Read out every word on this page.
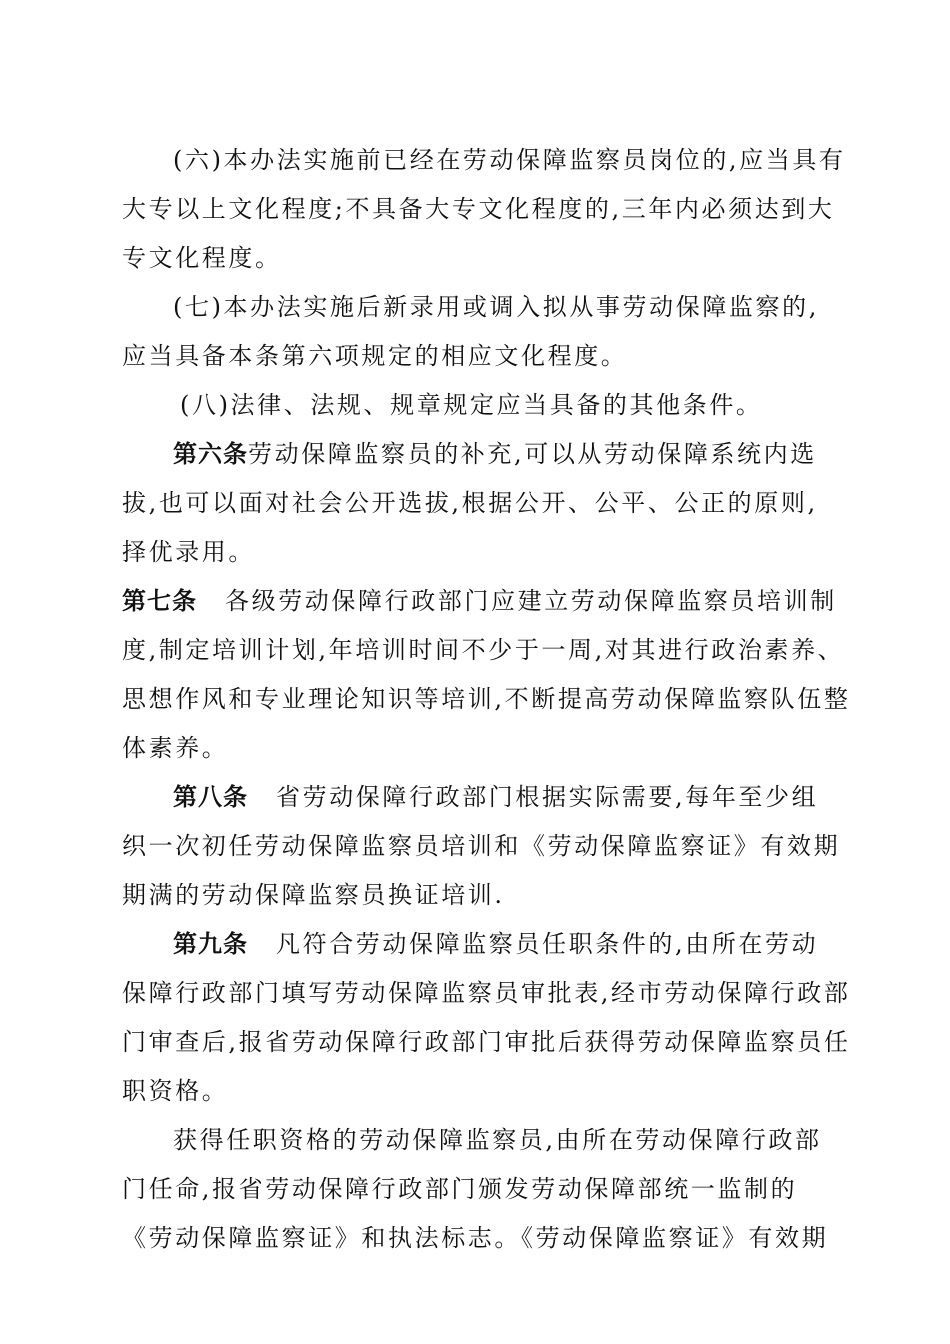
(六)本办法实施前已经在劳动保障监察员岗位的,应当具有
大专以上文化程度;不具备大专文化程度的,三年内必须达到大
专文化程度。
(七)本办法实施后新录用或调入拟从事劳动保障监察的,
应当具备本条第六项规定的相应文化程度。
(八)法律、法规、规章规定应当具备的其他条件。
第六条劳动保障监察员的补充,可以从劳动保障系统内选
拔,也可以面对社会公开选拔,根据公开、公平、公正的原则,
择优录用。
第七条 各级劳动保障行政部门应建立劳动保障监察员培训制
度,制定培训计划,年培训时间不少于一周,对其进行政治素养、
思想作风和专业理论知识等培训,不断提高劳动保障监察队伍整
体素养。
第八条 省劳动保障行政部门根据实际需要,每年至少组
织一次初任劳动保障监察员培训和《劳动保障监察证》有效期
期满的劳动保障监察员换证培训.
第九条 凡符合劳动保障监察员任职条件的,由所在劳动
保障行政部门填写劳动保障监察员审批表,经市劳动保障行政部
门审查后,报省劳动保障行政部门审批后获得劳动保障监察员任
职资格。
获得任职资格的劳动保障监察员,由所在劳动保障行政部
门任命,报省劳动保障行政部门颁发劳动保障部统一监制的
《劳动保障监察证》和执法标志。《劳动保障监察证》有效期
